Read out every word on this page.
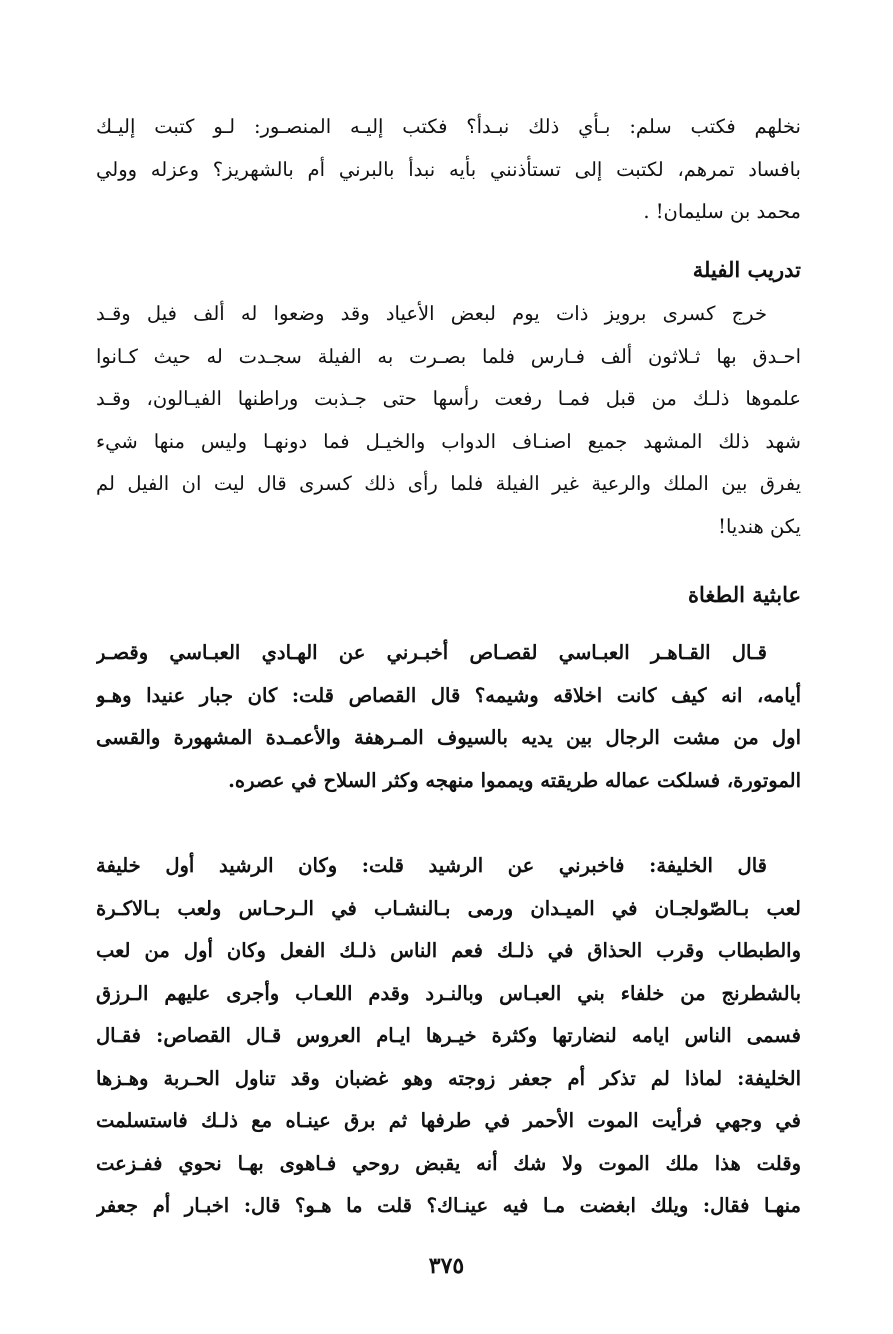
نخلهم فكتب سلم: بـأي ذلك نبـدأ؟ فكتب إليـه المنصـور: لـو كتبت إليـك
بافساد تمرهم، لكتبت إلى تستأذنني بأيه نبدأ بالبرني أم بالشهريز؟ وعزله وولي
محمد بن سليمان! .
تدريب الفيلة
خرج كسرى برويز ذات يوم لبعض الأعياد وقد وضعوا له ألف فيل وقـد
احـدق بها ثـلاثون ألف فـارس فلما بصـرت به الفيلة سجـدت له حيث كـانوا
علموها ذلـك من قبل فمـا رفعت رأسها حتى جـذبت وراطنها الفيـالون، وقـد
شهد ذلك المشهد جميع اصنـاف الدواب والخيـل فما دونهـا وليس منها شيء
يفرق بين الملك والرعية غير الفيلة فلما رأى ذلك كسرى قال ليت ان الفيل لم
يكن هنديا!
عابثية الطغاة
قـال القـاهـر العبـاسي لقصـاص أخبـرني عن الهـادي العبـاسي وقصـر
أيامه، انه كيف كانت اخلاقه وشيمه؟ قال القصاص قلت: كان جبار عنيدا وهـو
اول من مشت الرجال بين يديه بالسيوف المـرهفة والأعمـدة المشهورة والقسى
الموتورة، فسلكت عماله طريقته ويمموا منهجه وكثر السلاح في عصره.
قال الخليفة: فاخبرني عن الرشيد قلت: وكان الرشيد أول خليفة
لعب بـالصّولجـان في الميـدان ورمى بـالنشـاب في الـرحـاس ولعب بـالاكـرة
والطبطاب وقرب الحذاق في ذلـك فعم الناس ذلـك الفعل وكان أول من لعب
بالشطرنج من خلفاء بني العبـاس وبالنـرد وقدم اللعـاب وأجرى عليهم الـرزق
فسمى الناس ايامه لنضارتها وكثرة خيـرها ايـام العروس قـال القصاص: فقـال
الخليفة: لماذا لم تذكر أم جعفر زوجته وهو غضبان وقد تناول الحـربة وهـزها
في وجهي فرأيت الموت الأحمر في طرفها ثم برق عينـاه مع ذلـك فاستسلمت
وقلت هذا ملك الموت ولا شك أنه يقبض روحي فـاهوى بهـا نحوي ففـزعت
منهـا فقال: ويلك ابغضت مـا فيه عينـاك؟ قلت ما هـو؟ قال: اخبـار أم جعفر
٣٧٥
